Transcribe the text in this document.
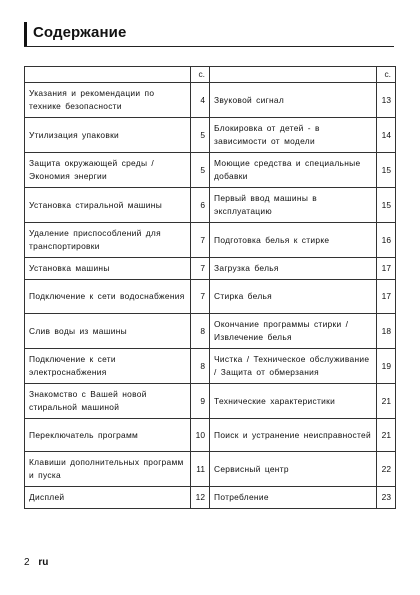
Содержание
	с.		с.
Указания и рекомендации по техникe безопасности	4	Звуковой сигнал	13
Утилизация упаковки	5	Блокировка от детей - в зависимости от модели	14
Защита окружающей среды / Экономия энергии	5	Моющие средства и специальные добавки	15
Установка стиральной машины	6	Первый ввод машины в эксплуатацию	15
Удаление приспособлений для транспортировки	7	Подготовка белья к стирке	16
Установка машины	7	Загрузка белья	17
Подключение к сети водоснабжения	7	Стирка белья	17
Слив воды из машины	8	Окончание программы стирки / Извлечение белья	18
Подключение к сети электроснабжения	8	Чистка / Техническое обслуживание / Защита от обмерзания	19
Знакомство с Вашей новой стиральной машиной	9	Технические характеристики	21
Переключатель программ	10	Поиск и устранение неисправностей	21
Клавиши дополнительных программ и пуска	11	Сервисный центр	22
Дисплей	12	Потребление	23
2 ru
